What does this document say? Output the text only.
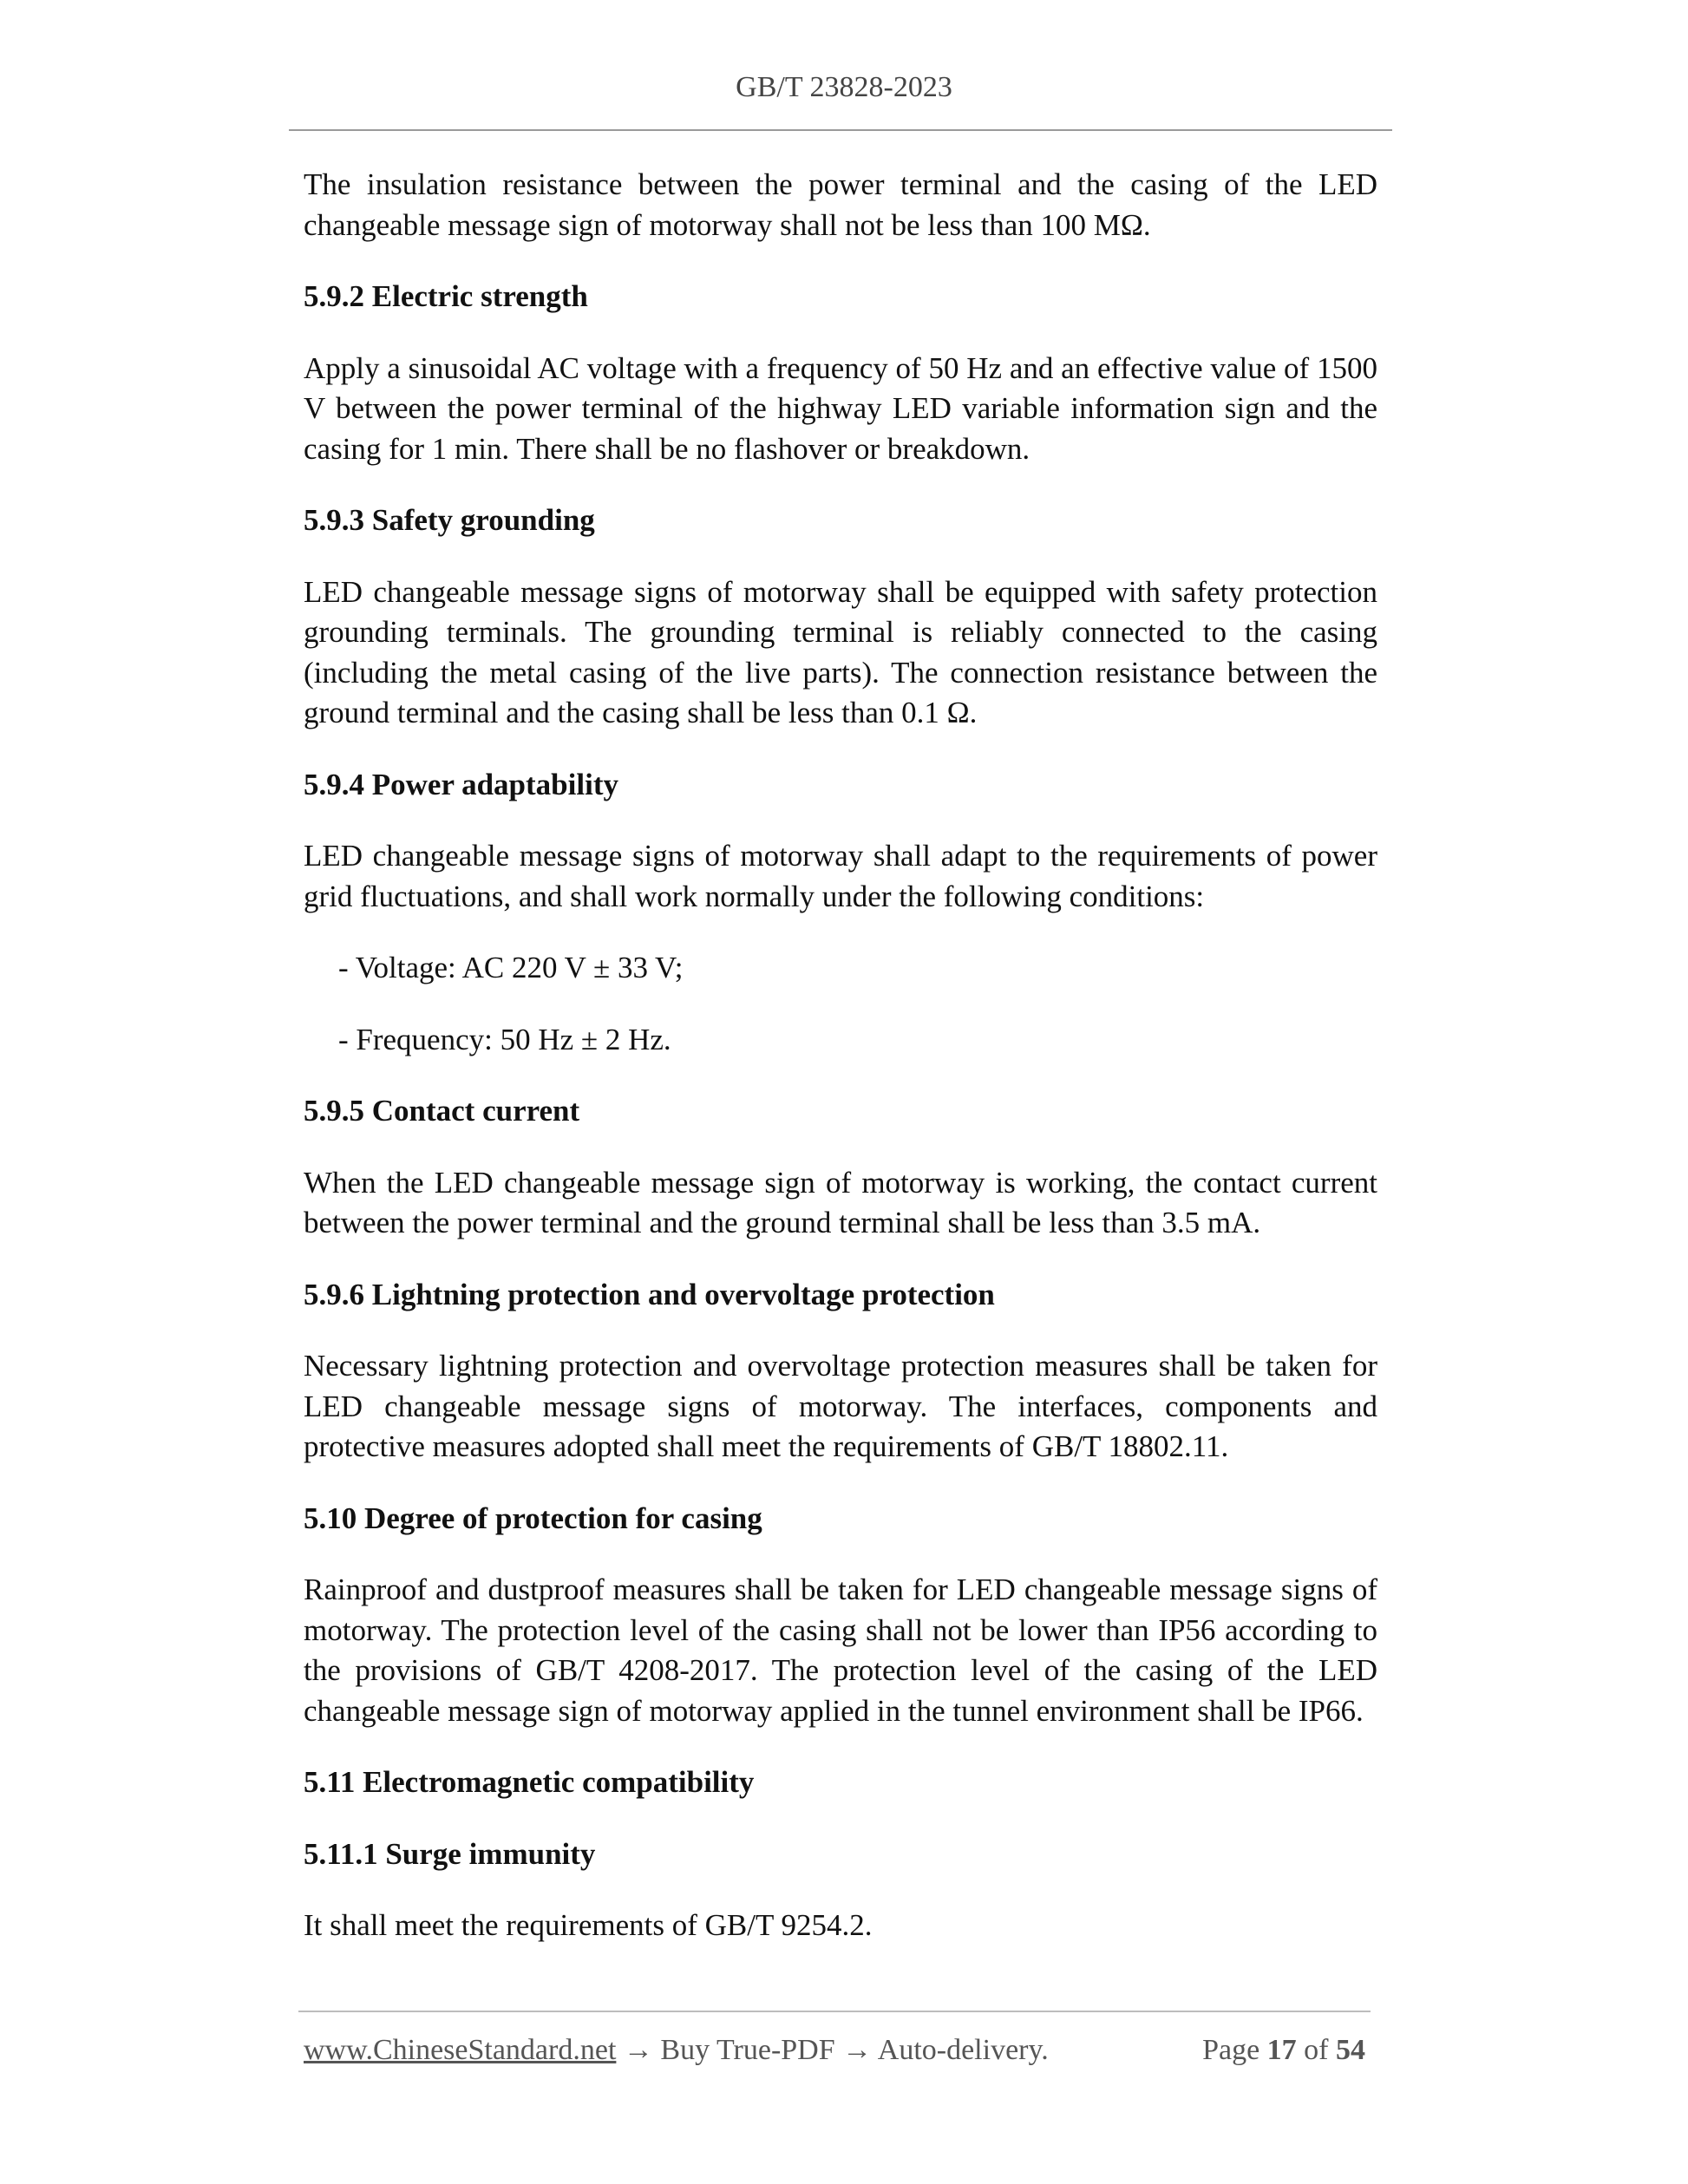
GB/T 23828-2023

The insulation resistance between the power terminal and the casing of the LED changeable message sign of motorway shall not be less than 100 MΩ.

5.9.2 Electric strength

Apply a sinusoidal AC voltage with a frequency of 50 Hz and an effective value of 1500 V between the power terminal of the highway LED variable information sign and the casing for 1 min. There shall be no flashover or breakdown.

5.9.3 Safety grounding

LED changeable message signs of motorway shall be equipped with safety protection grounding terminals. The grounding terminal is reliably connected to the casing (including the metal casing of the live parts). The connection resistance between the ground terminal and the casing shall be less than 0.1 Ω.

5.9.4 Power adaptability

LED changeable message signs of motorway shall adapt to the requirements of power grid fluctuations, and shall work normally under the following conditions:

- Voltage: AC 220 V ± 33 V;

- Frequency: 50 Hz ± 2 Hz.

5.9.5 Contact current

When the LED changeable message sign of motorway is working, the contact current between the power terminal and the ground terminal shall be less than 3.5 mA.

5.9.6 Lightning protection and overvoltage protection

Necessary lightning protection and overvoltage protection measures shall be taken for LED changeable message signs of motorway. The interfaces, components and protective measures adopted shall meet the requirements of GB/T 18802.11.

5.10 Degree of protection for casing

Rainproof and dustproof measures shall be taken for LED changeable message signs of motorway. The protection level of the casing shall not be lower than IP56 according to the provisions of GB/T 4208-2017. The protection level of the casing of the LED changeable message sign of motorway applied in the tunnel environment shall be IP66.

5.11 Electromagnetic compatibility

5.11.1 Surge immunity

It shall meet the requirements of GB/T 9254.2.

www.ChineseStandard.net → Buy True-PDF → Auto-delivery.	Page 17 of 54
